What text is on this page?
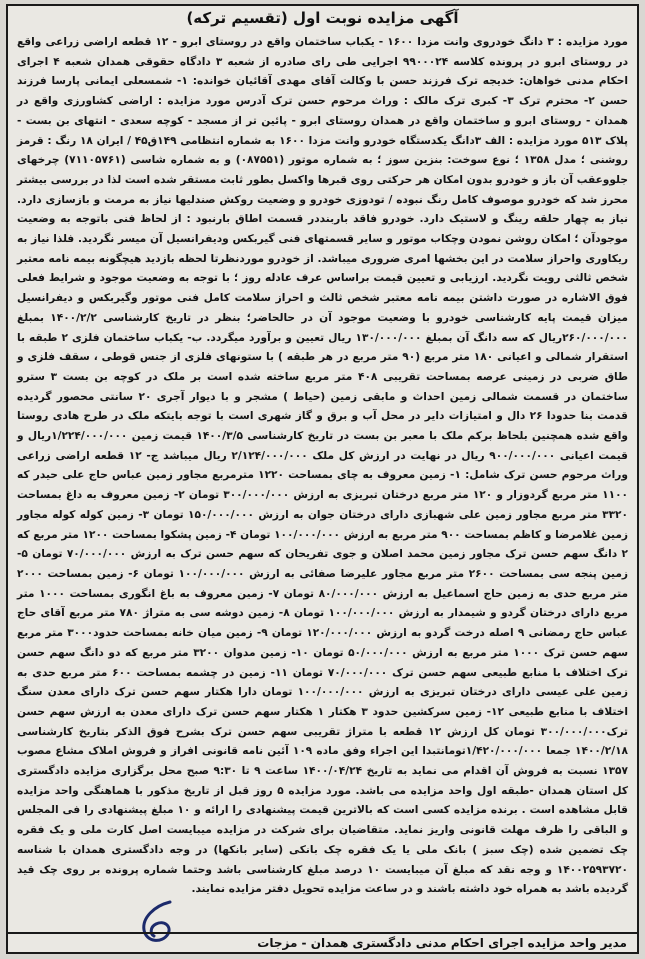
آگهی مزایده نوبت اول (تقسیم ترکه)
مورد مزایده : ۳ دانگ خودروی وانت مزدا ۱۶۰۰ - یکباب ساختمان واقع در روستای ابرو - ۱۲ قطعه اراضی زراعی واقع در روستای ابرو در پرونده کلاسه ۹۹۰۰۰۲۴ اجرایی طی رای صادره از شعبه ۳ دادگاه حقوقی همدان شعبه ۴ اجرای احکام مدنی خواهان: خدیجه ترک فرزند حسن با وکالت آقای مهدی آقائیان خوانده: ۱- شمسعلی ایمانی پارسا فرزند حسن ۲- محترم ترک ۳- کبری ترک مالک : وراث مرحوم حسن ترک آدرس مورد مزایده : اراضی کشاورزی واقع در همدان - روستای ابرو و ساختمان واقع در همدان روستای ابرو - پائین تر از مسجد - کوچه سعدی - انتهای بن بست - پلاک ۵۱۳ مورد مزایده : الف ۳دانگ یکدستگاه خودرو وانت مزدا ۱۶۰۰ به شماره انتظامی ۱۴۹ق۴۵ / ایران ۱۸ رنگ : قرمز روشنی ؛ مدل ۱۳۵۸ ؛ نوع سوخت: بنزین سوز ؛ به شماره موتور (۰۸۷۵۵۱) و به شماره شاسی (۷۱۱۰۵۷۶۱) چرخهای جلووعقب آن باز و خودرو بدون امکان هر حرکتی روی قبرها واکسل بطور ثابت مستقر شده است لذا در بررسی بیشتر محرز شد که خودرو موصوف کامل رنگ نبوده / تودوزی خودرو و وضعیت روکش صندلیها نیاز به مرمت و بازسازی دارد. نیاز به چهار حلقه رینگ و لاستیک دارد. خودرو فاقد باربنددر قسمت اطاق بارنبود : از لحاظ فنی باتوجه به وضعیت موجودآن ؛ امکان روشن نمودن وچکاب موتور و سایر قسمتهای فنی گیربکس ودیفرانسیل آن میسر نگردید. فلذا نیاز به ریکاوری واحراز سلامت در این بخشها امری ضروری میباشد. از خودرو موردنظرتا لحظه بازدید هیچگونه بیمه نامه معتبر شخص ثالثی رویت نگردید. ارزیابی و تعیین قیمت براساس عرف عادله روز ؛ با توجه به وضعیت موجود و شرایط فعلی فوق الاشاره در صورت داشتن بیمه نامه معتبر شخص ثالث و احراز سلامت کامل فنی موتور وگیربکس و دیفرانسیل میزان قیمت پایه کارشناسی خودرو با وضعیت موجود آن در حالحاضر؛ بنظر در تاریخ کارشناسی ۱۴۰۰/۲/۲ بمبلغ ۲۶۰/۰۰۰/۰۰۰ریال که سه دانگ آن بمبلغ ۱۳۰/۰۰۰/۰۰۰ ریال تعیین و برآورد میگردد. ب- یکباب ساختمان فلزی ۲ طبقه با استقرار شمالی و اعیانی ۱۸۰ متر مربع (۹۰ متر مربع در هر طبقه ) با ستونهای فلزی از جنس قوطی ، سقف فلزی و طاق ضربی در زمینی عرصه بمساحت تقریبی ۴۰۸ متر مربع ساخته شده است بر ملک در کوچه بن بست ۳ سترو ساختمان در قسمت شمالی زمین احداث و مابقی زمین (حیاط ) مشجر و با دیوار آجری ۲۰ سانتی محصور گردیده قدمت بنا حدودا ۲۶ دال و امتیازات دایر در محل آب و برق و گاز شهری است با توجه بایتکه ملک در طرح هادی روستا واقع شده همچنین بلحاظ برکم ملک با معبر بن بست در تاریخ کارشناسی ۱۴۰۰/۳/۵ قیمت زمین ۱/۲۲۴/۰۰۰/۰۰۰ریال و قیمت اعیانی ۹۰۰/۰۰۰/۰۰۰ ریال در نهایت در ارزش کل ملک ۲/۱۲۴/۰۰۰/۰۰۰ ریال میباشد ج- ۱۲ قطعه اراضی زراعی وراث مرحوم حسن ترک شامل: ۱- زمین معروف به چای بمساحت ۱۲۲۰ مترمربع مجاور زمین عباس حاج علی حیدر که ۱۱۰۰ متر مربع گردوزار و ۱۲۰ متر مربع درختان تبریزی به ارزش ۳۰۰/۰۰۰/۰۰۰ تومان ۲- زمین معروف به داغ بمساحت ۳۳۲۰ متر مربع مجاور زمین علی شهبازی دارای درختان جوان به ارزش ۱۵۰/۰۰۰/۰۰۰ تومان ۳- زمین کوله کوله مجاور زمین غلامرضا و کاظم بمساحت ۹۰۰ متر مربع به ارزش ۱۰۰/۰۰۰/۰۰۰ تومان ۴- زمین پشکوا بمساحت ۱۲۰۰ متر مربع که ۲ دانگ سهم حسن ترک مجاور زمین محمد اصلان و جوی تفریحان که سهم حسن ترک به ارزش ۷۰/۰۰۰/۰۰۰ تومان ۵- زمین پنجه سی بمساحت ۲۶۰۰ متر مربع مجاور علیرضا صفائی به ارزش ۱۰۰/۰۰۰/۰۰۰ تومان ۶- زمین بمساحت ۲۰۰۰ متر مربع حدی به زمین حاج اسماعیل به ارزش ۸۰/۰۰۰/۰۰۰ تومان ۷- زمین معروف به باغ انگوری بمساحت ۱۰۰۰ متر مربع دارای درختان گردو و شیمدار به ارزش ۱۰۰/۰۰۰/۰۰۰ تومان ۸- زمین دوشه سی به متراژ ۷۸۰ متر مربع آقای حاج عباس حاج رمضانی ۹ اصله درخت گردو به ارزش ۱۲۰/۰۰۰/۰۰۰ تومان ۹- زمین میان خانه بمساحت حدود۳۰۰۰ متر مربع سهم حسن ترک ۱۰۰۰ متر مربع به ارزش ۵۰/۰۰۰/۰۰۰ تومان ۱۰- زمین مدوان ۳۲۰۰ متر مربع که دو دانگ سهم حسن ترک اختلاف با منابع طبیعی سهم حسن ترک ۷۰/۰۰۰/۰۰۰ تومان ۱۱- زمین در چشمه بمساحت ۶۰۰ متر مربع حدی به زمین علی عیسی دارای درختان تبریزی به ارزش ۱۰۰/۰۰۰/۰۰۰ تومان دارا هکتار سهم حسن ترک دارای معدن سنگ اختلاف با منابع طبیعی ۱۲- زمین سرکشین حدود ۳ هکتار ۱ هکتار سهم حسن ترک دارای معدن به ارزش سهم حسن ترک۳۰۰/۰۰۰/۰۰۰ تومان کل ارزش ۱۲ قطعه با متراژ تقریبی سهم حسن ترک بشرح فوق الذکر بتاریخ کارشناسی ۱۴۰۰/۲/۱۸ جمعا ۱/۴۲۰/۰۰۰/۰۰۰تومانتبدا این اجراء وفق ماده ۱۰۹ آئین نامه قانونی افراز و فروش املاک مشاع مصوب ۱۳۵۷ نسبت به فروش آن اقدام می نماید به تاریخ ۱۴۰۰/۰۴/۲۴ ساعت ۹ تا ۹:۳۰ صبح محل برگزاری مزایده دادگستری کل استان همدان -طبقه اول واحد مزایده می باشد. مورد مزایده ۵ روز قبل از تاریخ مذکور با هماهنگی واحد مزایده قابل مشاهده است . برنده مزایده کسی است که بالاترین قیمت پیشنهادی را ارائه و ۱۰ مبلغ پیشنهادی را فی المجلس و الباقی را ظرف مهلت قانونی واریز نماید. متقاضیان برای شرکت در مزایده میبایست اصل کارت ملی و یک فقره چک تضمین شده (چک سبز ) بانک ملی یا یک فقره چک بانکی (سایر بانکها) در وجه دادگستری همدان با شناسه ۱۴۰۰۲۵۹۳۷۲۰ و وجه نقد که مبلغ آن میبایست ۱۰ درصد مبلغ کارشناسی باشد وحتما شماره پرونده بر روی چک قید گردیده باشد به همراه خود داشته باشند و در ساعت مزایده تحویل دفتر مزایده نمایند.
مدیر واحد مزایده اجرای احکام مدنی دادگستری همدان - مزجات
